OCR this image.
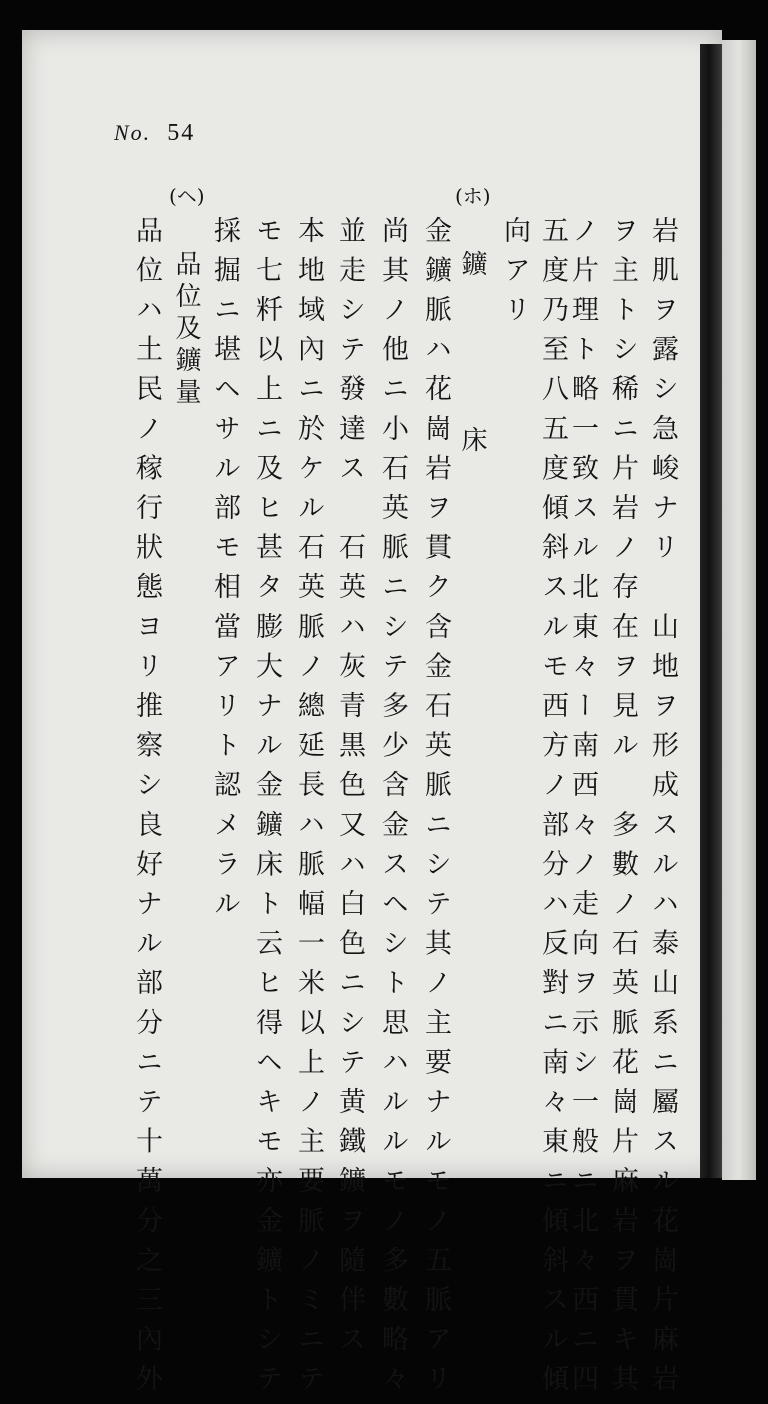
No. 54
(ホ)
鑛　床
(ヘ)
品位及鑛量	岩肌ヲ露シ急峻ナリ　山地ヲ形成スルハ泰山系ニ屬スル花崗片麻岩
ヲ主トシ稀ニ片岩ノ存在ヲ見ル　多數ノ石英脈花崗片麻岩ヲ貫キ其
ノ片理ト略一致スル北東々ー南西々ノ走向ヲ示シ一般ニ北々西ニ四
五度乃至八五度傾斜スルモ西方ノ部分ハ反對ニ南々東ニ傾斜スル傾
向アリ
金鑛脈ハ花崗岩ヲ貫ク含金石英脈ニシテ其ノ主要ナルモノ五脈アリ
尚其ノ他ニ小石英脈ニシテ多少含金スヘシト思ハルルモノ多數略々
並走シテ發達ス　石英ハ灰青黒色又ハ白色ニシテ黄鐵鑛ヲ隨伴ス
本地域內ニ於ケル石英脈ノ總延長ハ脈幅一米以上ノ主要脈ノミニテ
モ七粁以上ニ及ヒ甚タ膨大ナル金鑛床ト云ヒ得ヘキモ亦金鑛トシテ
採掘ニ堪ヘサル部モ相當アリト認メラル
品位ハ土民ノ稼行狀態ヨリ推察シ良好ナル部分ニテ十萬分之三內外
